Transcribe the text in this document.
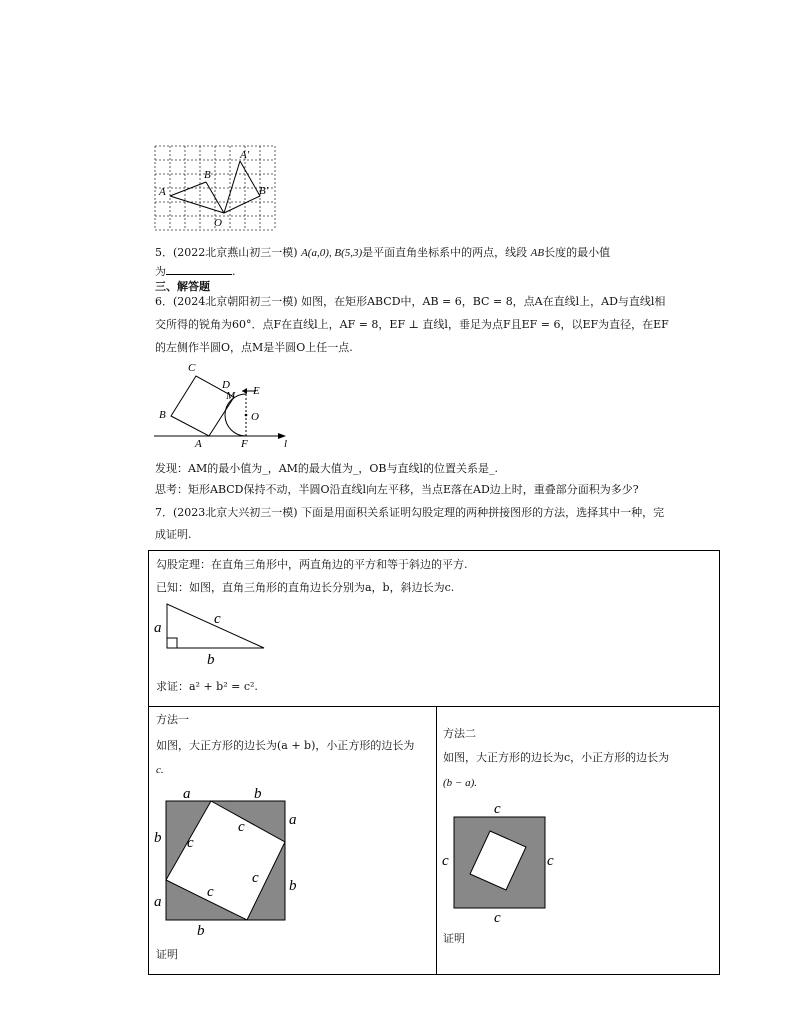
A
B
O
A'
B'
5．(2022北京燕山初三一模) A(a,0), B(5,3)是平面直角坐标系中的两点，线段 AB长度的最小值
为	.
三、解答题
6．(2024北京朝阳初三一模) 如图，在矩形ABCD中，AB = 6，BC = 8，点A在直线l上，AD与直线l相
交所得的锐角为60°．点F在直线l上，AF = 8，EF ⊥ 直线l，垂足为点F且EF = 6，以EF为直径，在EF
的左侧作半圆O，点M是半圆O上任一点.
C
D E
M
O
B
A	F	l
发现：AM的最小值为_，AM的最大值为_，OB与直线l的位置关系是_.
思考：矩形ABCD保持不动，半圆O沿直线l向左平移，当点E落在AD边上时，重叠部分面积为多少?
7．(2023北京大兴初三一模) 下面是用面积关系证明勾股定理的两种拼接图形的方法，选择其中一种，完
成证明.
勾股定理：在直角三角形中，两直角边的平方和等于斜边的平方.
已知：如图，直角三角形的直角边长分别为a，b，斜边长为c.
a
b
c
求证：a² + b² = c².
方法一
如图，大正方形的边长为(a + b)，小正方形的边长为
c.
a	b
b
a
a
b
b
c
c
c
c
证明
方法二
如图，大正方形的边长为c，小正方形的边长为
(b − a).
c
c	c
c
证明
